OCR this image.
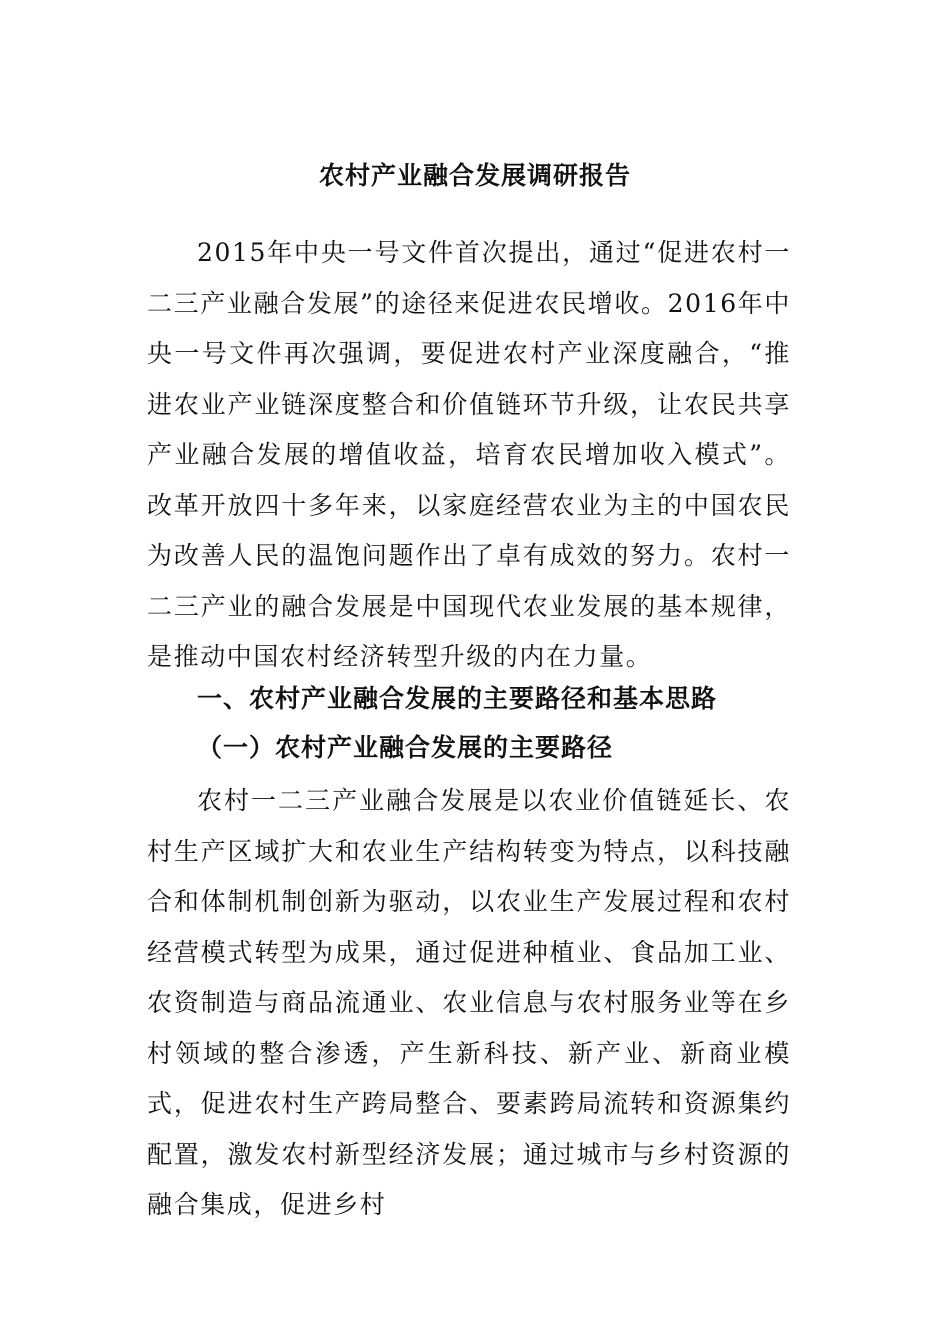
农村产业融合发展调研报告
2015年中央一号文件首次提出，通过“促进农村一二三产业融合发展”的途径来促进农民增收。2016年中央一号文件再次强调，要促进农村产业深度融合，“推进农业产业链深度整合和价值链环节升级，让农民共享产业融合发展的增值收益，培育农民增加收入模式”。改革开放四十多年来，以家庭经营农业为主的中国农民为改善人民的温饱问题作出了卓有成效的努力。农村一二三产业的融合发展是中国现代农业发展的基本规律，是推动中国农村经济转型升级的内在力量。
一、农村产业融合发展的主要路径和基本思路
（一）农村产业融合发展的主要路径
农村一二三产业融合发展是以农业价值链延长、农村生产区域扩大和农业生产结构转变为特点，以科技融合和体制机制创新为驱动，以农业生产发展过程和农村经营模式转型为成果，通过促进种植业、食品加工业、农资制造与商品流通业、农业信息与农村服务业等在乡村领域的整合渗透，产生新科技、新产业、新商业模式，促进农村生产跨局整合、要素跨局流转和资源集约配置，激发农村新型经济发展；通过城市与乡村资源的融合集成，促进乡村
